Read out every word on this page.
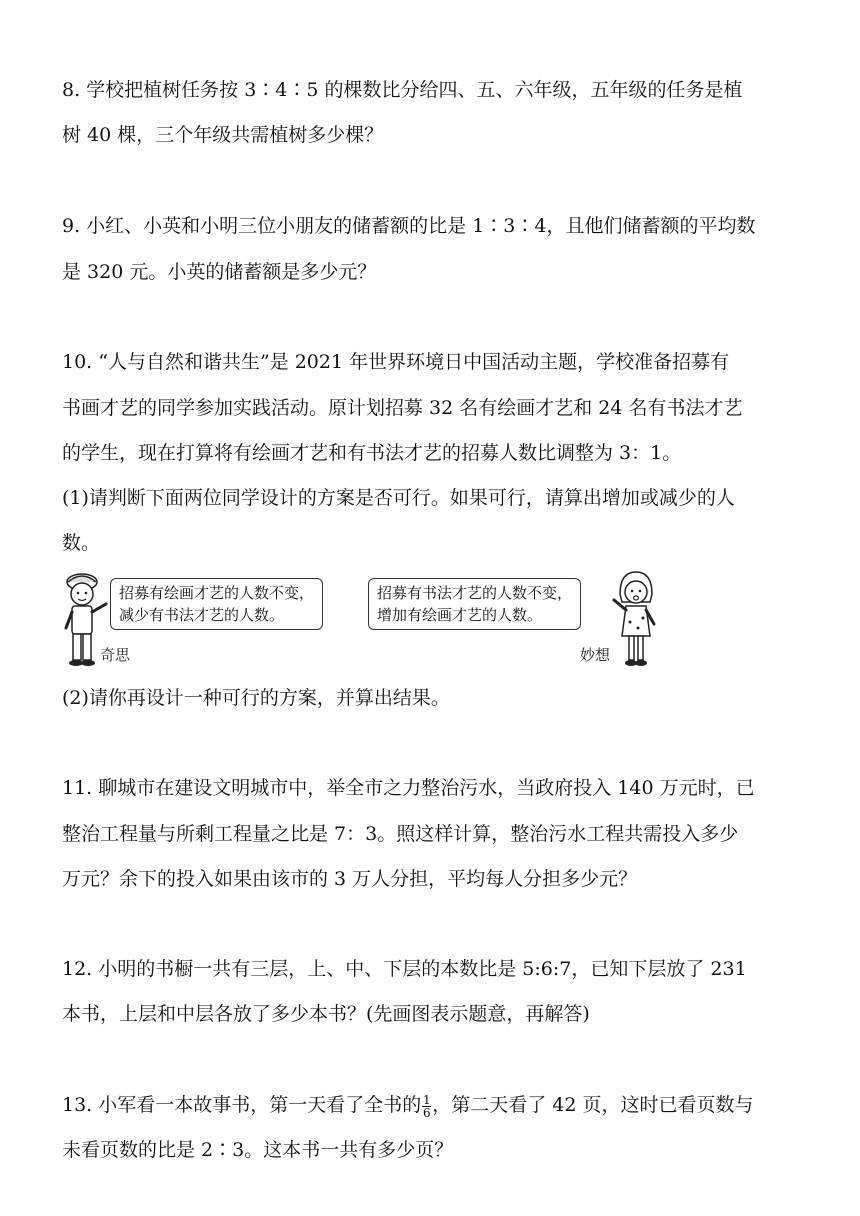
8. 学校把植树任务按 3∶4∶5 的棵数比分给四、五、六年级，五年级的任务是植
树 40 棵，三个年级共需植树多少棵？
9. 小红、小英和小明三位小朋友的储蓄额的比是 1∶3∶4，且他们储蓄额的平均数
是 320 元。小英的储蓄额是多少元？
10. “人与自然和谐共生”是 2021 年世界环境日中国活动主题，学校准备招募有
书画才艺的同学参加实践活动。原计划招募 32 名有绘画才艺和 24 名有书法才艺
的学生，现在打算将有绘画才艺和有书法才艺的招募人数比调整为 3：1。
(1)请判断下面两位同学设计的方案是否可行。如果可行，请算出增加或减少的人
数。
招募有绘画才艺的人数不变，
减少有书法才艺的人数。
奇思
招募有书法才艺的人数不变，
增加有绘画才艺的人数。
妙想
(2)请你再设计一种可行的方案，并算出结果。
11. 聊城市在建设文明城市中，举全市之力整治污水，当政府投入 140 万元时，已
整治工程量与所剩工程量之比是 7：3。照这样计算，整治污水工程共需投入多少
万元？余下的投入如果由该市的 3 万人分担，平均每人分担多少元？
12. 小明的书橱一共有三层，上、中、下层的本数比是 5:6:7，已知下层放了 231
本书，上层和中层各放了多少本书？(先画图表示题意，再解答)
13. 小军看一本故事书，第一天看了全书的 $\frac{1}{6}$ ，第二天看了 42 页，这时已看页数与
未看页数的比是 2∶3。这本书一共有多少页？
